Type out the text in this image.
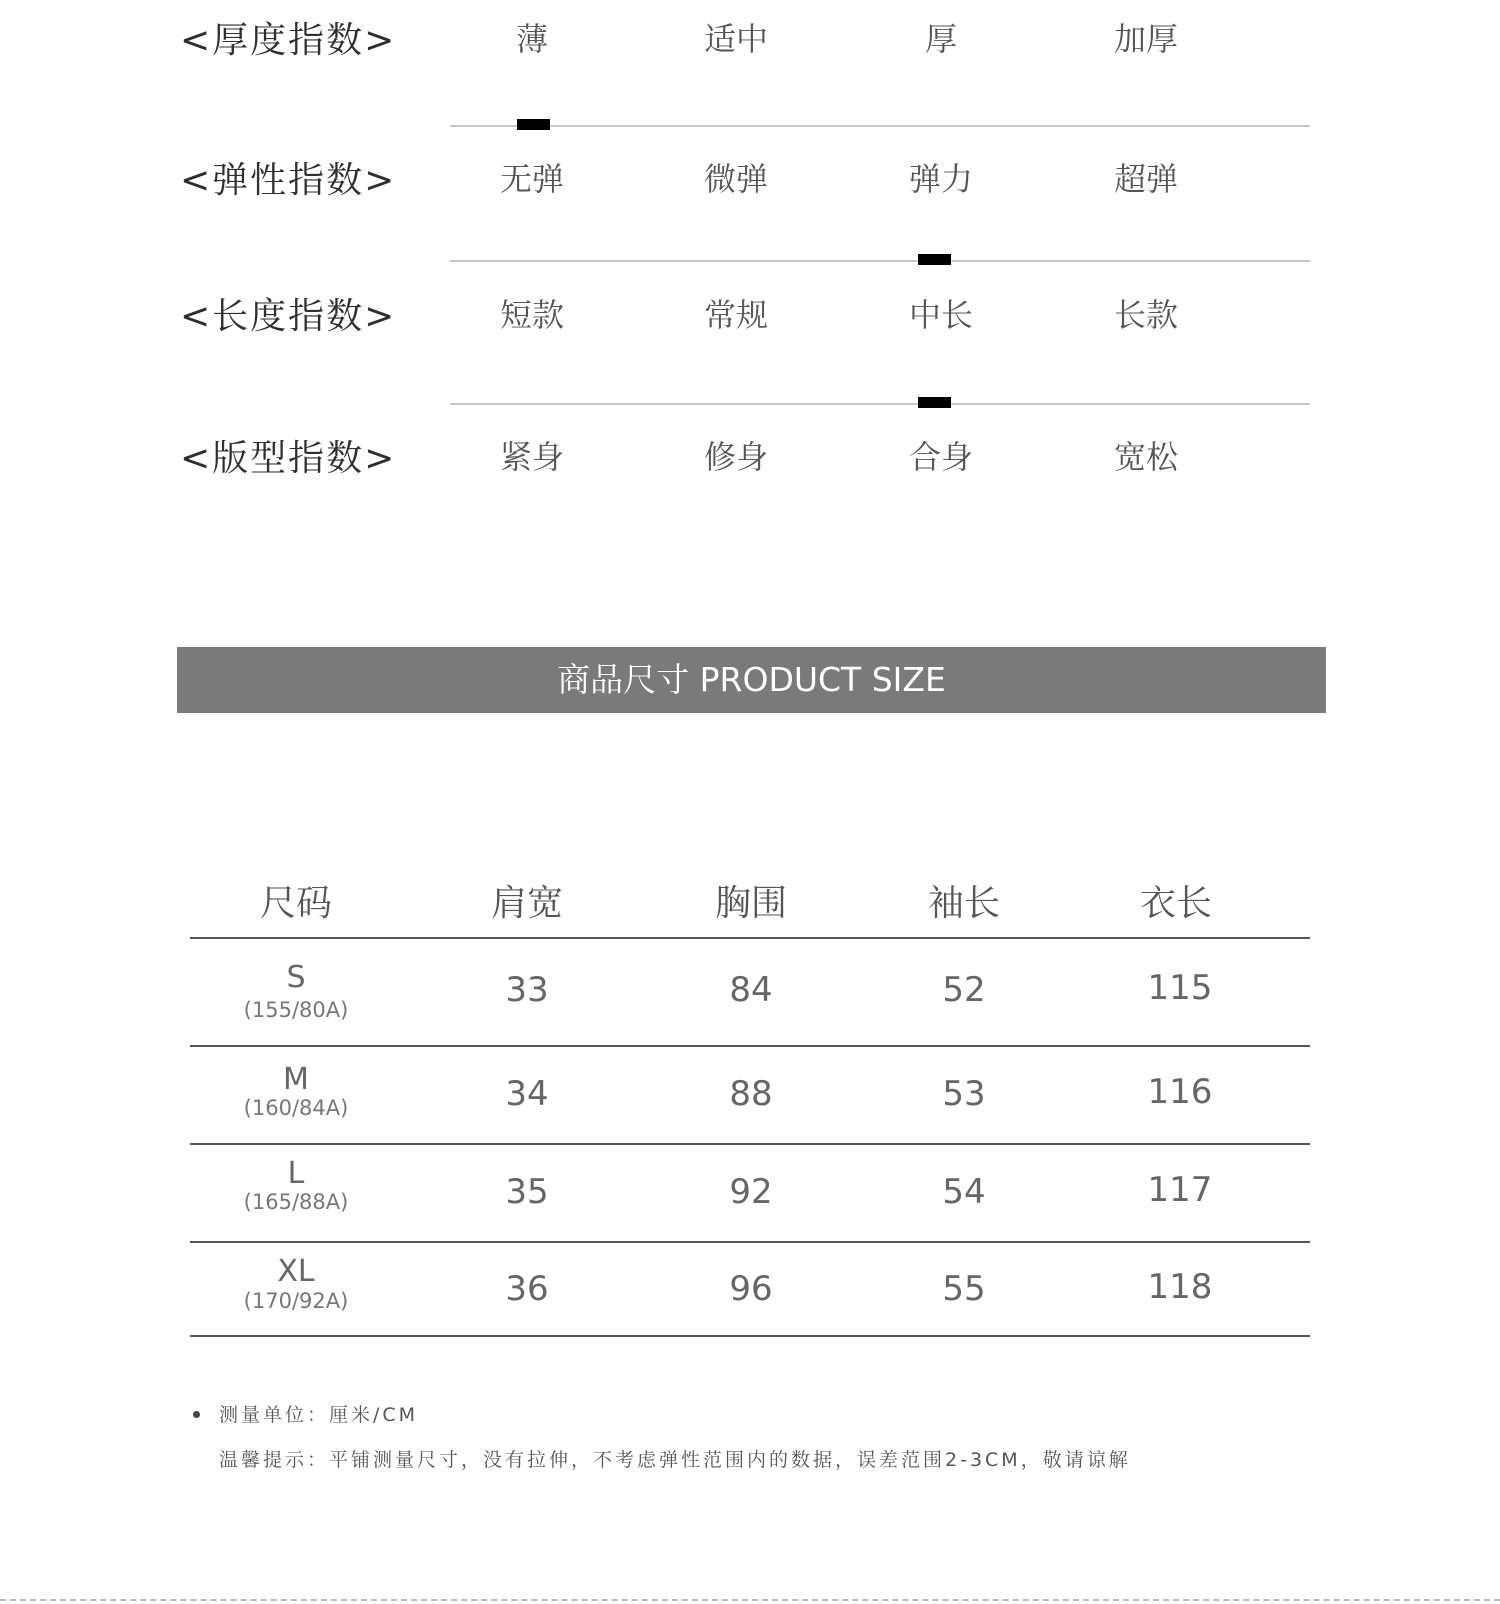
<厚度指数>	薄	适中	厚	加厚
<弹性指数>	无弹	微弹	弹力	超弹
<长度指数>	短款	常规	中长	长款
<版型指数>	紧身	修身	合身	宽松
商品尺寸 PRODUCT SIZE
尺码	肩宽	胸围	袖长	衣长
S
(155/80A)	33	84	52	115
M
(160/84A)	34	88	53	116
L
(165/88A)	35	92	54	117
XL
(170/92A)	36	96	55	118
测量单位：厘米/CM
温馨提示：平铺测量尺寸，没有拉伸，不考虑弹性范围内的数据，误差范围2-3CM，敬请谅解
